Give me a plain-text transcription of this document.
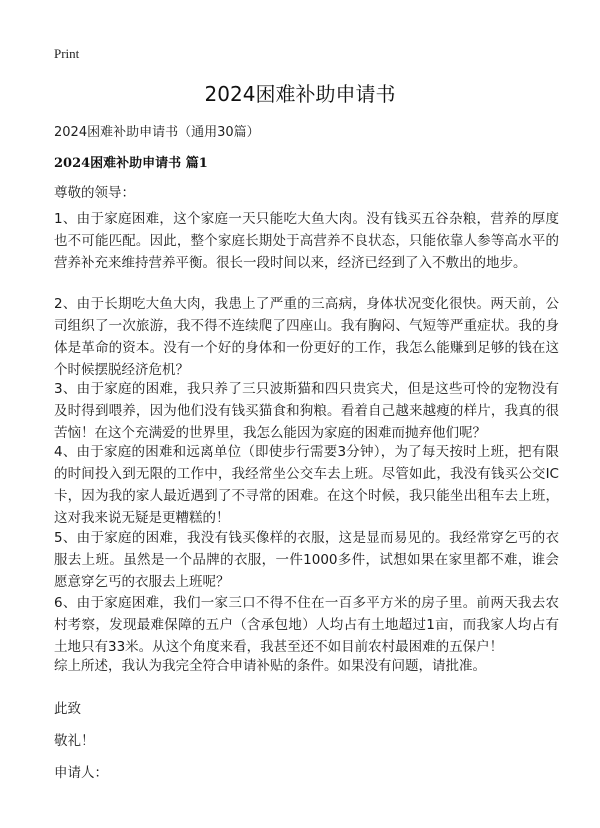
Print
2024困难补助申请书
2024困难补助申请书（通用30篇）
2024困难补助申请书 篇1
尊敬的领导：
1、由于家庭困难，这个家庭一天只能吃大鱼大肉。没有钱买五谷杂粮，营养的厚度也不可能匹配。因此，整个家庭长期处于高营养不良状态，只能依靠人参等高水平的营养补充来维持营养平衡。很长一段时间以来，经济已经到了入不敷出的地步。
2、由于长期吃大鱼大肉，我患上了严重的三高病，身体状况变化很快。两天前，公司组织了一次旅游，我不得不连续爬了四座山。我有胸闷、气短等严重症状。我的身体是革命的资本。没有一个好的身体和一份更好的工作，我怎么能赚到足够的钱在这个时候摆脱经济危机？
3、由于家庭的困难，我只养了三只波斯猫和四只贵宾犬，但是这些可怜的宠物没有及时得到喂养，因为他们没有钱买猫食和狗粮。看着自己越来越瘦的样片，我真的很苦恼！在这个充满爱的世界里，我怎么能因为家庭的困难而抛弃他们呢？
4、由于家庭的困难和远离单位（即使步行需要3分钟），为了每天按时上班，把有限的时间投入到无限的工作中，我经常坐公交车去上班。尽管如此，我没有钱买公交IC卡，因为我的家人最近遇到了不寻常的困难。在这个时候，我只能坐出租车去上班，这对我来说无疑是更糟糕的！
5、由于家庭的困难，我没有钱买像样的衣服，这是显而易见的。我经常穿乞丐的衣服去上班。虽然是一个品牌的衣服，一件1000多件，试想如果在家里都不难，谁会愿意穿乞丐的衣服去上班呢？
6、由于家庭困难，我们一家三口不得不住在一百多平方米的房子里。前两天我去农村考察，发现最难保障的五户（含承包地）人均占有土地超过1亩，而我家人均占有土地只有33米。从这个角度来看，我甚至还不如目前农村最困难的五保户！
综上所述，我认为我完全符合申请补贴的条件。如果没有问题，请批准。
此致
敬礼！
申请人：
